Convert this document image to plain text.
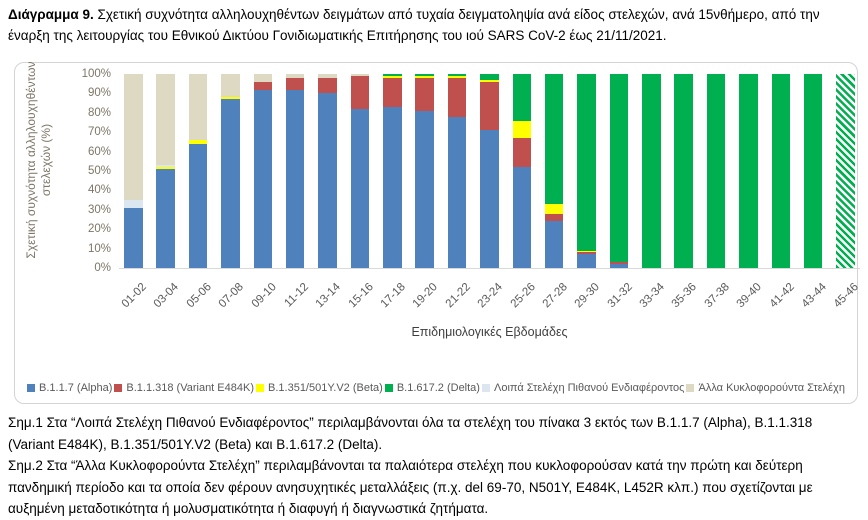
Διάγραμμα 9. Σχετική συχνότητα αλληλουχηθέντων δειγμάτων από τυχαία δειγματοληψία ανά είδος στελεχών, ανά 15νθήμερο, από την έναρξη της λειτουργίας του Εθνικού Δικτύου Γονιδιωματικής Επιτήρησης του ιού SARS CoV-2 έως 21/11/2021.
Σχετική συχνότητα αλληλουχηθέντων στελεχών (%)
100%
90%
80%
70%
60%
50%
40%
30%
20%
10%
0%
01-02 03-04 05-06 07-08 09-10 11-12 13-14 15-16 17-18 19-20 21-22 23-24 25-26 27-28 29-30 31-32 33-34 35-36 37-38 39-40 41-42 43-44 45-46
Επιδημιολογικές Εβδομάδες
B.1.1.7 (Alpha) B.1.1.318 (Variant E484K) B.1.351/501Y.V2 (Beta) B.1.617.2 (Delta) Λοιπά Στελέχη Πιθανού Ενδιαφέροντος Άλλα Κυκλοφορούντα Στελέχη

Σημ.1 Στα “Λοιπά Στελέχη Πιθανού Ενδιαφέροντος” περιλαμβάνονται όλα τα στελέχη του πίνακα 3 εκτός των B.1.1.7 (Alpha), B.1.1.318 (Variant E484K), B.1.351/501Y.V2 (Beta) και B.1.617.2 (Delta).

Σημ.2 Στα “Άλλα Κυκλοφορούντα Στελέχη” περιλαμβάνονται τα παλαιότερα στελέχη που κυκλοφορούσαν κατά την πρώτη και δεύτερη πανδημική περίοδο και τα οποία δεν φέρουν ανησυχητικές μεταλλάξεις (π.χ. del 69-70, N501Y, E484K, L452R κλπ.) που σχετίζονται με αυξημένη μεταδοτικότητα ή μολυσματικότητα ή διαφυγή ή διαγνωστικά ζητήματα.
